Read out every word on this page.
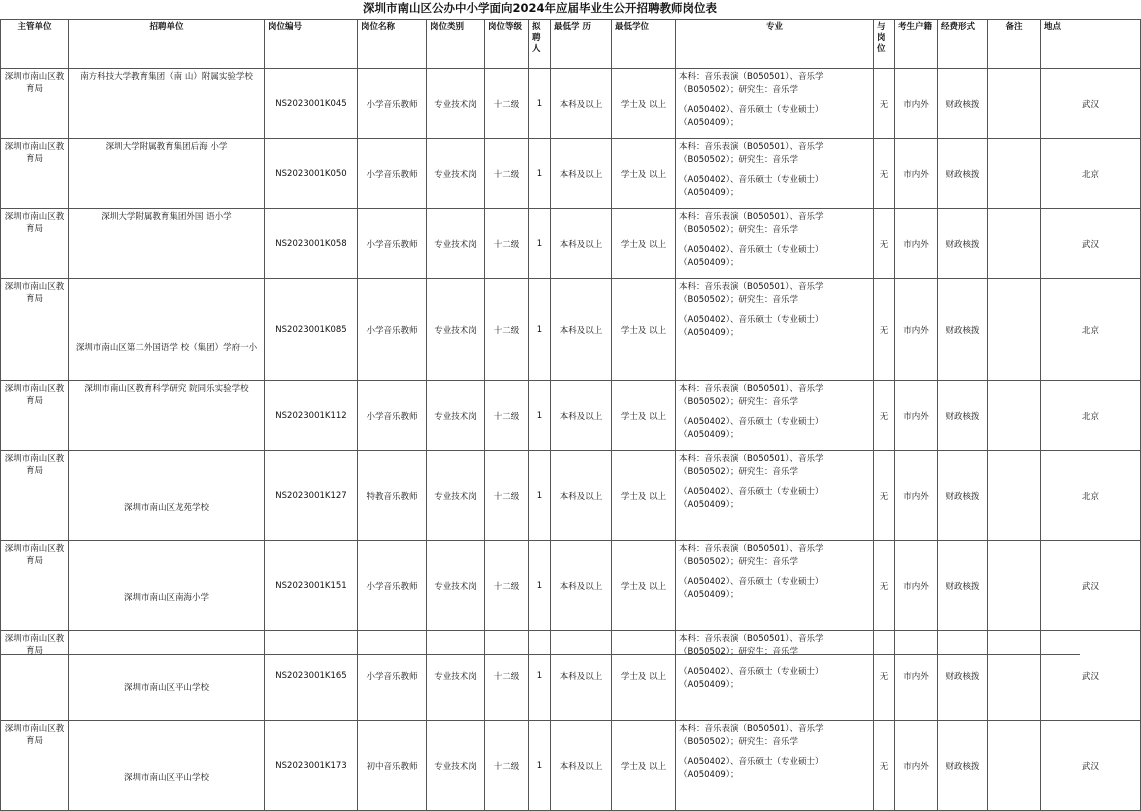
深圳市南山区公办中小学面向2024年应届毕业生公开招聘教师岗位表
主管单位	招聘单位	岗位编号	岗位名称	岗位类别	岗位等级	拟聘人	最低学 历	最低学位	专业	与岗位	考生户籍	经费形式	备注	地点
深圳市南山区教育局	南方科技大学教育集团（南 山）附属实验学校	NS2023001K045	小学音乐教师	专业技术岗	十二级	1	本科及以上	学士及 以上	本科：音乐表演（B050501）、音乐学
（B050502）；研究生：音乐学
（A050402）、音乐硕士（专业硕士）
（A050409）；	无	市内外	财政核拨		武汉
深圳市南山区教育局	深圳大学附属教育集团后海 小学	NS2023001K050	小学音乐教师	专业技术岗	十二级	1	本科及以上	学士及 以上	本科：音乐表演（B050501）、音乐学
（B050502）；研究生：音乐学
（A050402）、音乐硕士（专业硕士）
（A050409）；	无	市内外	财政核拨		北京
深圳市南山区教育局	深圳大学附属教育集团外国 语小学	NS2023001K058	小学音乐教师	专业技术岗	十二级	1	本科及以上	学士及 以上	本科：音乐表演（B050501）、音乐学
（B050502）；研究生：音乐学
（A050402）、音乐硕士（专业硕士）
（A050409）；	无	市内外	财政核拨		武汉
深圳市南山区教育局	深圳市南山区第二外国语学 校（集团）学府一小	NS2023001K085	小学音乐教师	专业技术岗	十二级	1	本科及以上	学士及 以上	本科：音乐表演（B050501）、音乐学
（B050502）；研究生：音乐学
（A050402）、音乐硕士（专业硕士）
（A050409）；	无	市内外	财政核拨		北京
深圳市南山区教育局	深圳市南山区教育科学研究 院同乐实验学校	NS2023001K112	小学音乐教师	专业技术岗	十二级	1	本科及以上	学士及 以上	本科：音乐表演（B050501）、音乐学
（B050502）；研究生：音乐学
（A050402）、音乐硕士（专业硕士）
（A050409）；	无	市内外	财政核拨		北京
深圳市南山区教育局	深圳市南山区龙苑学校	NS2023001K127	特教音乐教师	专业技术岗	十二级	1	本科及以上	学士及 以上	本科：音乐表演（B050501）、音乐学
（B050502）；研究生：音乐学
（A050402）、音乐硕士（专业硕士）
（A050409）；	无	市内外	财政核拨		北京
深圳市南山区教育局	深圳市南山区南海小学	NS2023001K151	小学音乐教师	专业技术岗	十二级	1	本科及以上	学士及 以上	本科：音乐表演（B050501）、音乐学
（B050502）；研究生：音乐学
（A050402）、音乐硕士（专业硕士）
（A050409）；	无	市内外	财政核拨		武汉
深圳市南山区教育局	深圳市南山区平山学校	NS2023001K165	小学音乐教师	专业技术岗	十二级	1	本科及以上	学士及 以上	本科：音乐表演（B050501）、音乐学
（B050502）；研究生：音乐学
（A050402）、音乐硕士（专业硕士）
（A050409）；	无	市内外	财政核拨		武汉
深圳市南山区教育局	深圳市南山区平山学校	NS2023001K173	初中音乐教师	专业技术岗	十二级	1	本科及以上	学士及 以上	本科：音乐表演（B050501）、音乐学
（B050502）；研究生：音乐学
（A050402）、音乐硕士（专业硕士）
（A050409）；	无	市内外	财政核拨		武汉
